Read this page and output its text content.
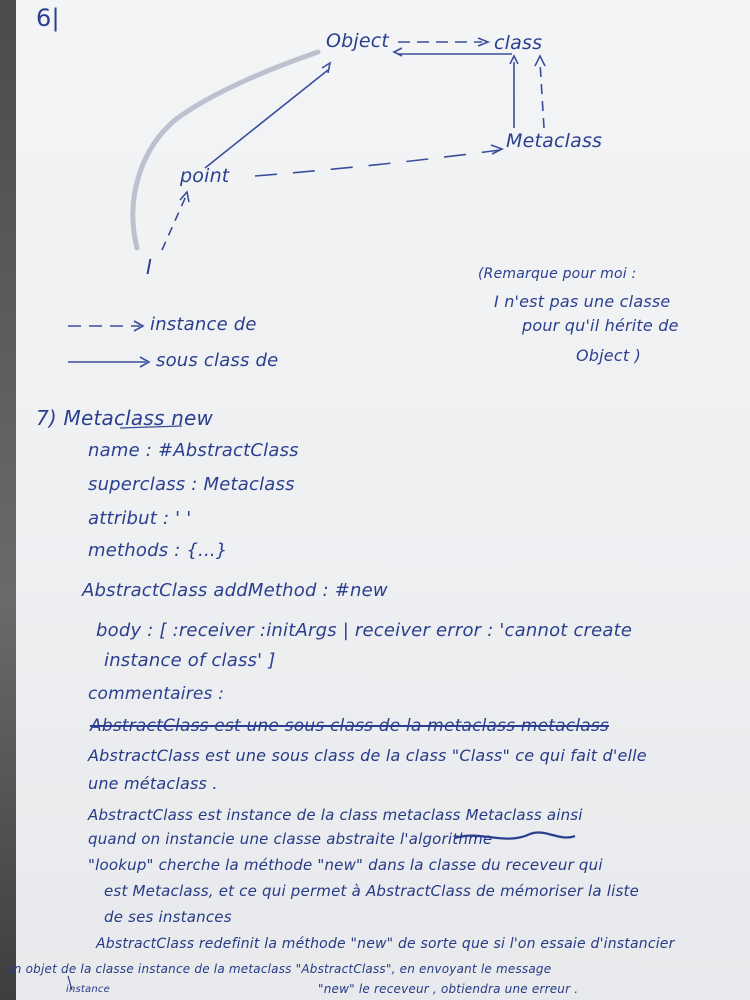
6|

Object	class

Metaclass

point

I

instance de

sous class de

(Remarque pour moi :

I n'est pas une classe

pour qu'il hérite de

Object )

7) Metaclass new

name : #AbstractClass

superclass : Metaclass

attribut : ' '

methods : {...}

AbstractClass addMethod : #new

body : [ :receiver :initArgs | receiver error : 'cannot create

instance of class' ]

commentaires :

AbstractClass est une sous class de la metaclass metaclass

AbstractClass est une sous class de la class "Class" ce qui fait d'elle

une métaclass .

AbstractClass est instance de la class metaclass Metaclass ainsi

quand on instancie une classe abstraite l'algorithme

"lookup" cherche la méthode "new" dans la classe du receveur qui

est Metaclass, et ce qui permet à AbstractClass de mémoriser la liste

de ses instances

AbstractClass redefinit la méthode "new" de sorte que si l'on essaie d'instancier

un objet de la classe instance de la metaclass "AbstractClass", en envoyant le message

"new" le receveur , obtiendra une erreur .

instance
